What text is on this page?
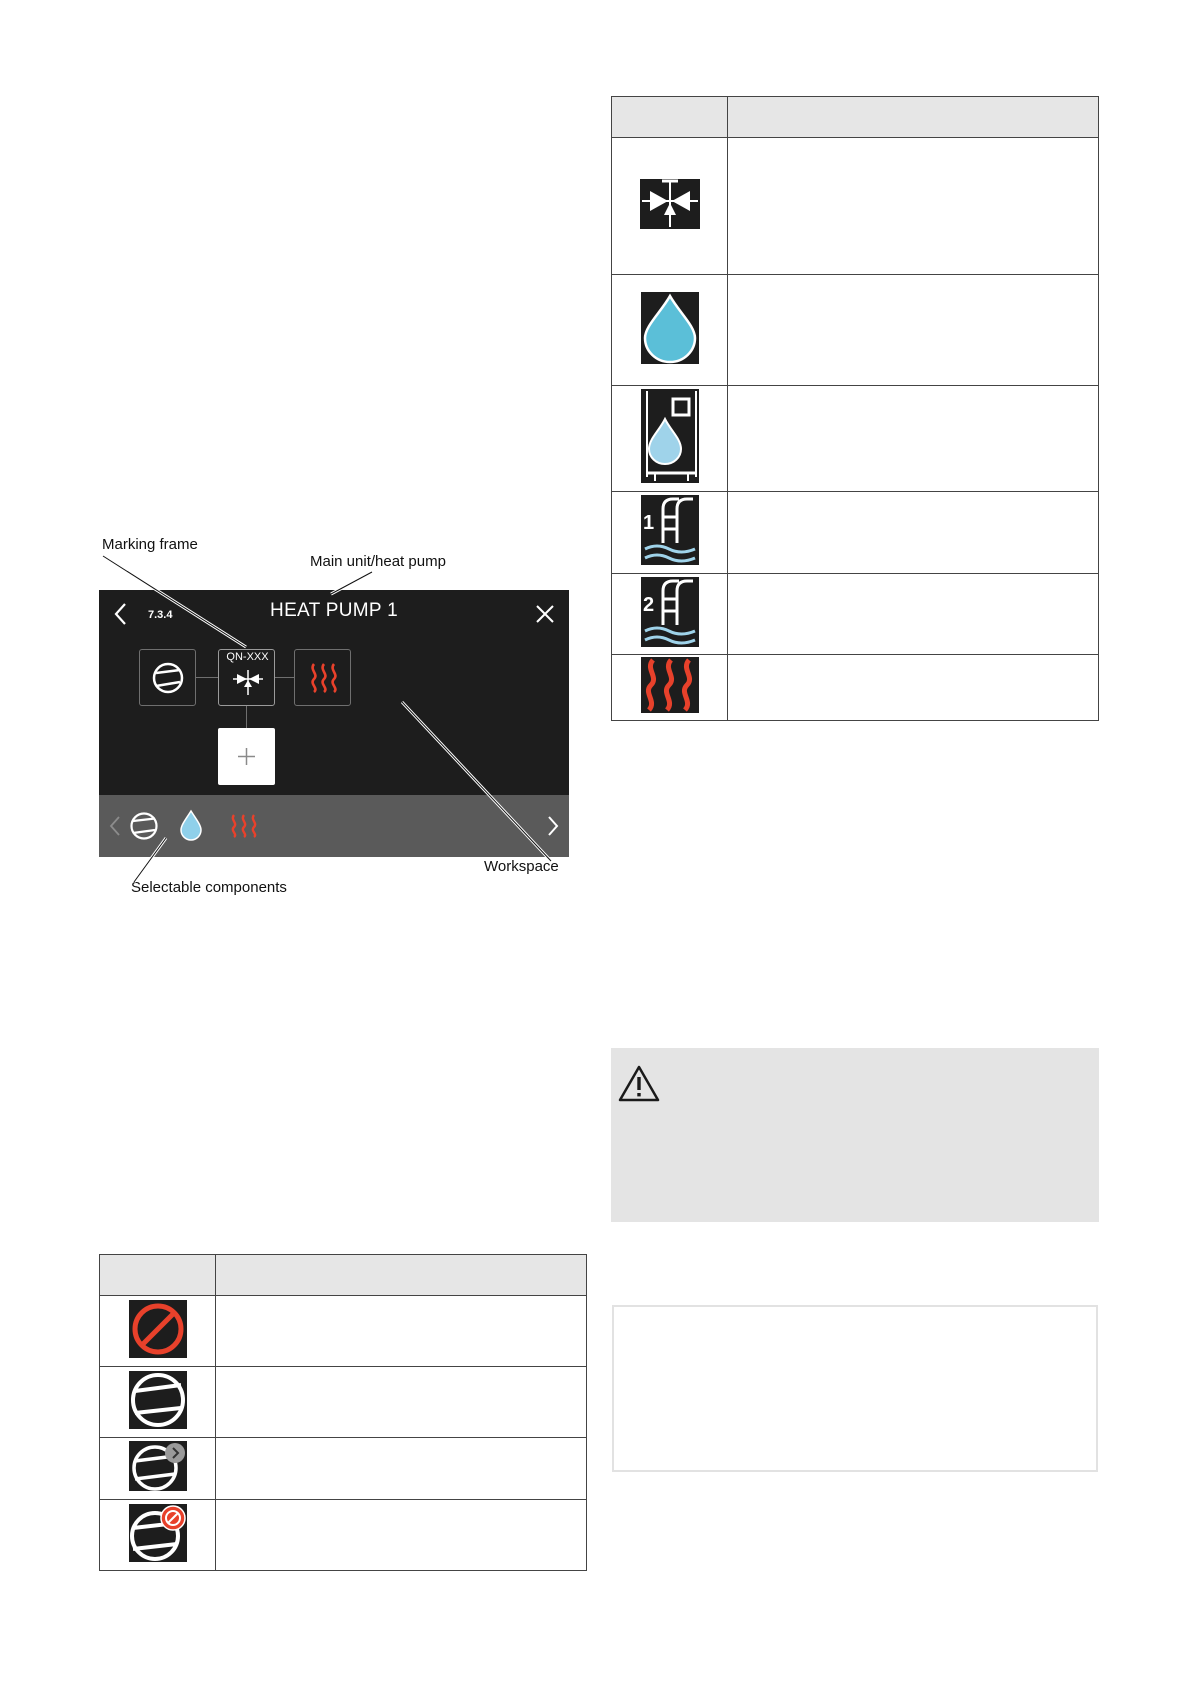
Marking frame
Main unit/heat pump
Workspace
Selectable components
7.3.4	HEAT PUMP 1
QN-XXX

1	

2	
